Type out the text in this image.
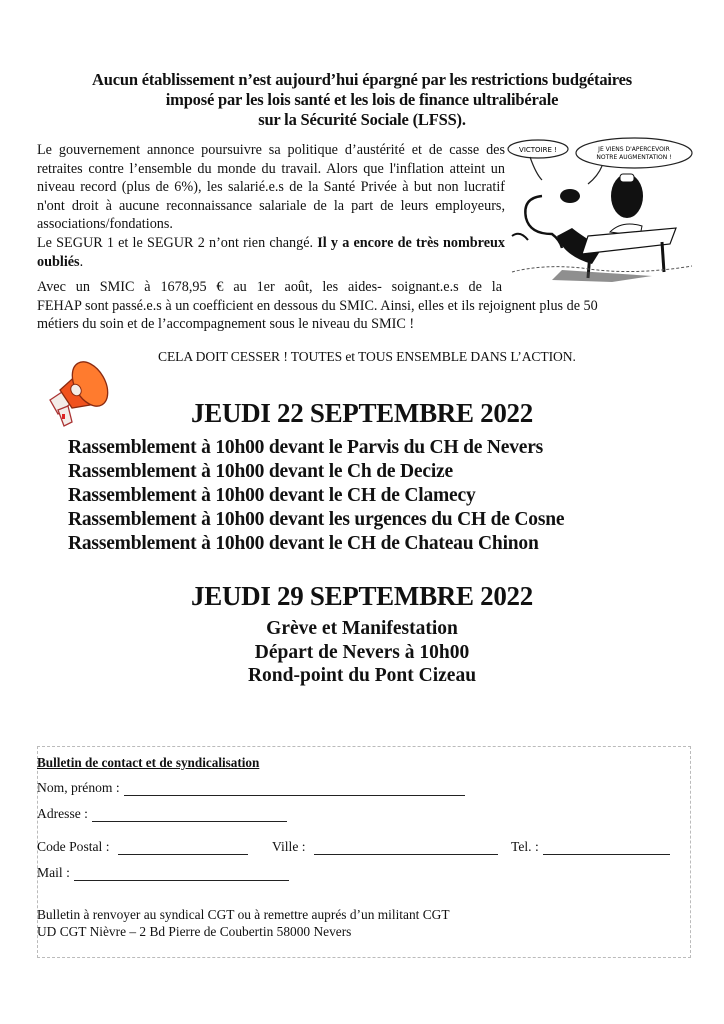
Aucun établissement n’est aujourd’hui épargné par les restrictions budgétaires
imposé par les lois santé et les lois de finance ultralibérale
sur la Sécurité Sociale (LFSS).

Le gouvernement annonce poursuivre sa politique d’austérité et de casse des retraites contre l’ensemble du monde du travail. Alors que l'inflation atteint un niveau record (plus de 6%), les salarié.e.s de la Santé Privée à but non lucratif n'ont droit à aucune reconnaissance salariale de la part de leurs employeurs, associations/fondations.

Le SEGUR 1 et le SEGUR 2 n’ont rien changé. Il y a encore de très nombreux oubliés.

VICTOIRE !	JE VIENS D'APERCEVOIR
NOTRE AUGMENTATION !
Avec un SMIC à 1678,95 € au 1er août, les aides- soignant.e.s de la
FEHAP sont passé.e.s à un coefficient en dessous du SMIC. Ainsi, elles et ils rejoignent plus de 50
métiers du soin et de l’accompagnement sous le niveau du SMIC !
CELA DOIT CESSER ! TOUTES et TOUS ENSEMBLE DANS L’ACTION.
JEUDI 22 SEPTEMBRE 2022
Rassemblement à 10h00 devant le Parvis du CH de Nevers
Rassemblement à 10h00 devant le Ch de Decize
Rassemblement à 10h00 devant le CH de Clamecy
Rassemblement à 10h00 devant les urgences du CH de Cosne
Rassemblement à 10h00 devant le CH de Chateau Chinon
JEUDI 29 SEPTEMBRE 2022
Grève et Manifestation
Départ de Nevers à 10h00
Rond-point du Pont Cizeau
Bulletin de contact et de syndicalisation
Nom, prénom :
Adresse :
Code Postal :	Ville :	Tel. :
Mail :
Bulletin à renvoyer au syndical CGT ou à remettre auprés d’un militant CGT
UD CGT Nièvre – 2 Bd Pierre de Coubertin 58000 Nevers
